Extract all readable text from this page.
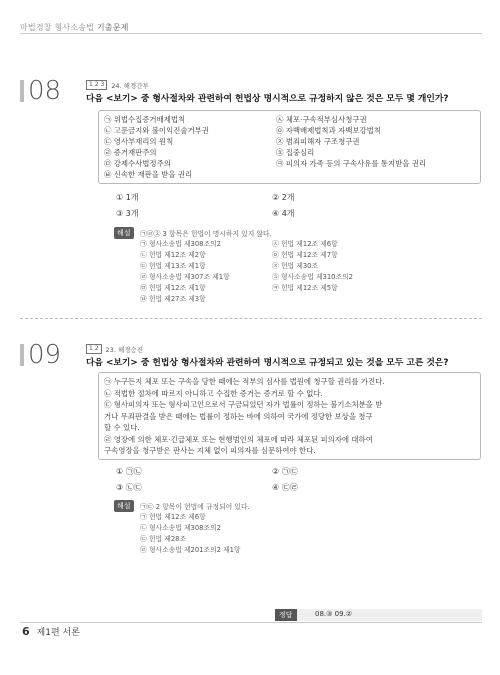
마법경찰 형사소송법 기출문제
08	1 2 3	24. 해경간부
다음 <보기> 중 형사절차와 관련하여 헌법상 명시적으로 규정하지 않은 것은 모두 몇 개인가?
㉠ 위법수집증거배제법칙
㉡ 고문금지와 불이익진술거부권
㉢ 영사부재리의 원칙
㉣ 증거재판주의
㉤ 강제수사법정주의
㉥ 신속한 재판을 받을 권리
㉦ 체포·구속적부심사청구권
㉧ 자백배제법칙과 자백보강법칙
㉨ 범죄피해자 구조청구권
㉩ 집중심리
㉪ 피의자 가족 등의 구속사유를 통지받을 권리
① 1개	② 2개
③ 3개	④ 4개
해설	㉠㉣㉩ 3 항목은 헌법이 명시하지 있지 않다.
㉠ 형사소송법 제308조의2
㉡ 헌법 제12조 제2항
㉢ 헌법 제13조 제1항
㉣ 형사소송법 제307조 제1항
㉤ 헌법 제12조 제1항
㉥ 헌법 제27조 제3항
㉦ 헌법 제12조 제6항
㉧ 헌법 제12조 제7항
㉨ 헌법 제30조
㉩ 형사소송법 제310조의2
㉪ 헌법 제12조 제5항
09	1 2	23. 해경승진
다음 <보기> 중 헌법상 형사절차와 관련하여 명시적으로 규정되고 있는 것을 모두 고른 것은?
㉠ 누구든지 체포 또는 구속을 당한 때에는 적부의 심사를 법원에 청구할 권리를 가진다.
㉡ 적법한 절차에 따르지 아니하고 수집한 증거는 증거로 할 수 없다.
㉢ 형사피의자 또는 형사피고인으로서 구금되었던 자가 법률이 정하는 불기소처분을 받
거나 무죄판결을 받은 때에는 법률이 정하는 바에 의하여 국가에 정당한 보상을 청구
할 수 있다.
㉣ 영장에 의한 체포·긴급체포 또는 현행범인의 체포에 따라 체포된 피의자에 대하여
구속영장을 청구받은 판사는 지체 없이 피의자를 심문하여야 한다.
① ㉠㉡	② ㉠㉢
③ ㉡㉢	④ ㉢㉣
해설	㉠㉢ 2 항목이 헌법에 규정되어 있다.
㉠ 헌법 제12조 제6항
㉡ 형사소송법 제308조의2
㉢ 헌법 제28조
㉣ 형사소송법 제201조의2 제1항
정답	08.③ 09.②
6 제1편 서론
